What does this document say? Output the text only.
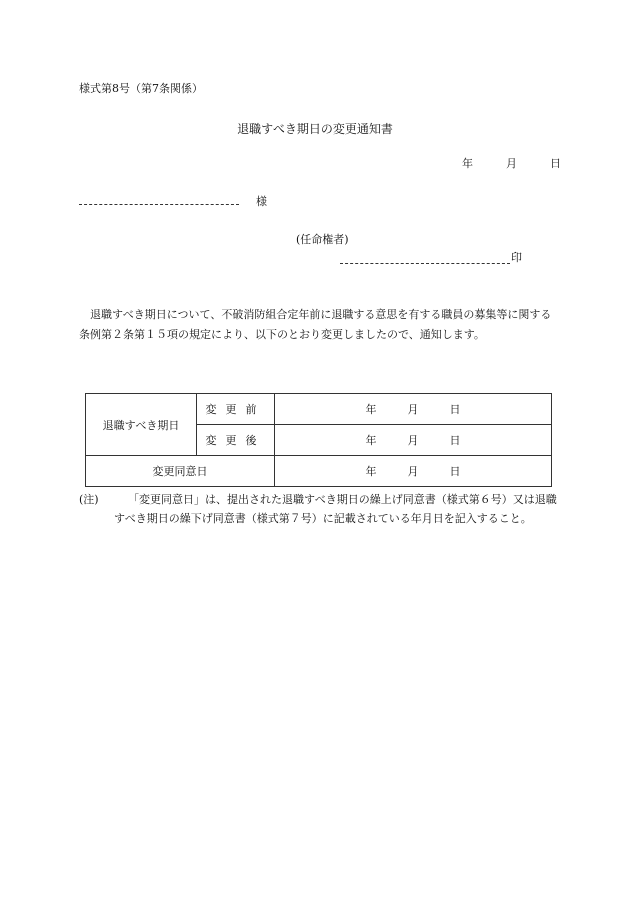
様式第8号（第7条関係）
退職すべき期日の変更通知書
年	月	日
様
(任命権者)
印
退職すべき期日について、不破消防組合定年前に退職する意思を有する職員の募集等に関する条例第２条第１５項の規定により、以下のとおり変更しましたので、通知します。
退職すべき期日	変更前	年 月 日
	変更後	年 月 日
変更同意日		年 月 日
(注)	「変更同意日」は、提出された退職すべき期日の繰上げ同意書（様式第６号）又は退職すべき期日の繰下げ同意書（様式第７号）に記載されている年月日を記入すること。
